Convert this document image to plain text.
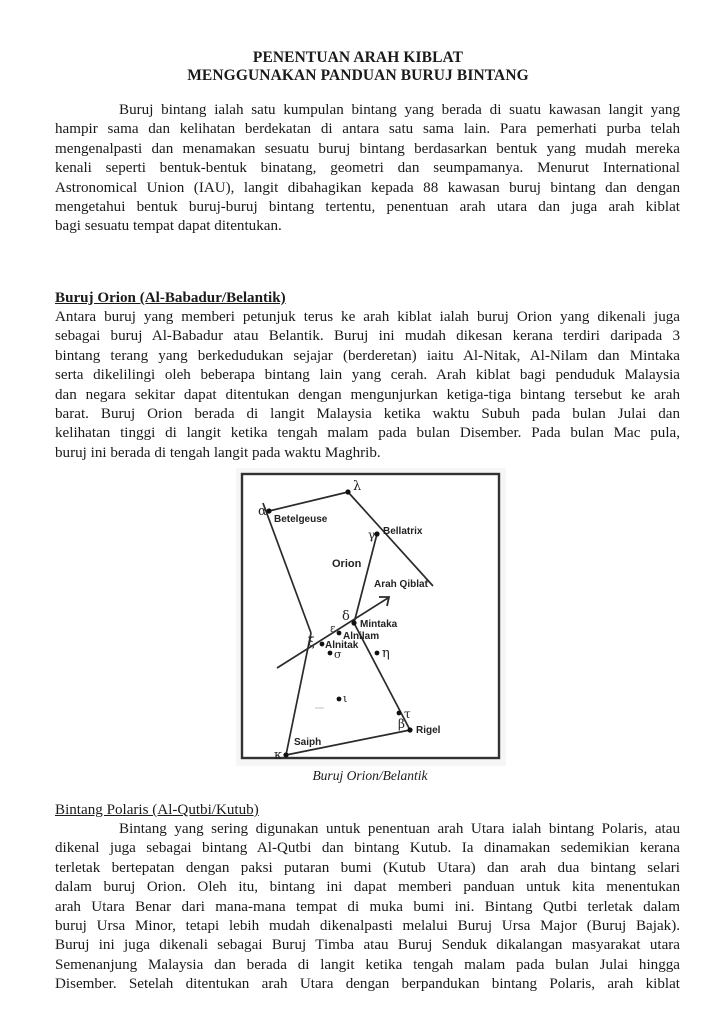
PENENTUAN ARAH KIBLAT
MENGGUNAKAN PANDUAN BURUJ BINTANG
Buruj bintang ialah satu kumpulan bintang yang berada di suatu kawasan langit yang
hampir sama dan kelihatan berdekatan di antara satu sama lain. Para pemerhati purba telah
mengenalpasti dan menamakan sesuatu buruj bintang berdasarkan bentuk yang mudah mereka
kenali seperti bentuk-bentuk binatang, geometri dan seumpamanya. Menurut International
Astronomical Union (IAU), langit dibahagikan kepada 88 kawasan buruj bintang dan dengan
mengetahui bentuk buruj-buruj bintang tertentu, penentuan arah utara dan juga arah kiblat
bagi sesuatu tempat dapat ditentukan.
Buruj Orion (Al-Babadur/Belantik)
Antara buruj yang memberi petunjuk terus ke arah kiblat ialah buruj Orion yang dikenali juga
sebagai buruj Al-Babadur atau Belantik. Buruj ini mudah dikesan kerana terdiri daripada 3
bintang terang yang berkedudukan sejajar (berderetan) iaitu Al-Nitak, Al-Nilam dan Mintaka
serta dikelilingi oleh beberapa bintang lain yang cerah. Arah kiblat bagi penduduk Malaysia
dan negara sekitar dapat ditentukan dengan mengunjurkan ketiga-tiga bintang tersebut ke arah
barat. Buruj Orion berada di langit Malaysia ketika waktu Subuh pada bulan Julai dan
kelihatan tinggi di langit ketika tengah malam pada bulan Disember. Pada bulan Mac pula,
buruj ini berada di tengah langit pada waktu Maghrib.
λ
α
γ
δ
ε
ξ
σ	η
ι
τ
β
κ
Betelgeuse
Bellatrix
Orion
Arah Qiblat
Mintaka
Alnilam
Alnitak
Rigel
Saiph
Buruj Orion/Belantik
Bintang Polaris (Al-Qutbi/Kutub)
Bintang yang sering digunakan untuk penentuan arah Utara ialah bintang Polaris, atau
dikenal juga sebagai bintang Al-Qutbi dan bintang Kutub. Ia dinamakan sedemikian kerana
terletak bertepatan dengan paksi putaran bumi (Kutub Utara) dan arah dua bintang selari
dalam buruj Orion. Oleh itu, bintang ini dapat memberi panduan untuk kita menentukan
arah Utara Benar dari mana-mana tempat di muka bumi ini. Bintang Qutbi terletak dalam
buruj Ursa Minor, tetapi lebih mudah dikenalpasti melalui Buruj Ursa Major (Buruj Bajak).
Buruj ini juga dikenali sebagai Buruj Timba atau Buruj Senduk dikalangan masyarakat utara
Semenanjung Malaysia dan berada di langit ketika tengah malam pada bulan Julai hingga
Disember. Setelah ditentukan arah Utara dengan berpandukan bintang Polaris, arah kiblat
